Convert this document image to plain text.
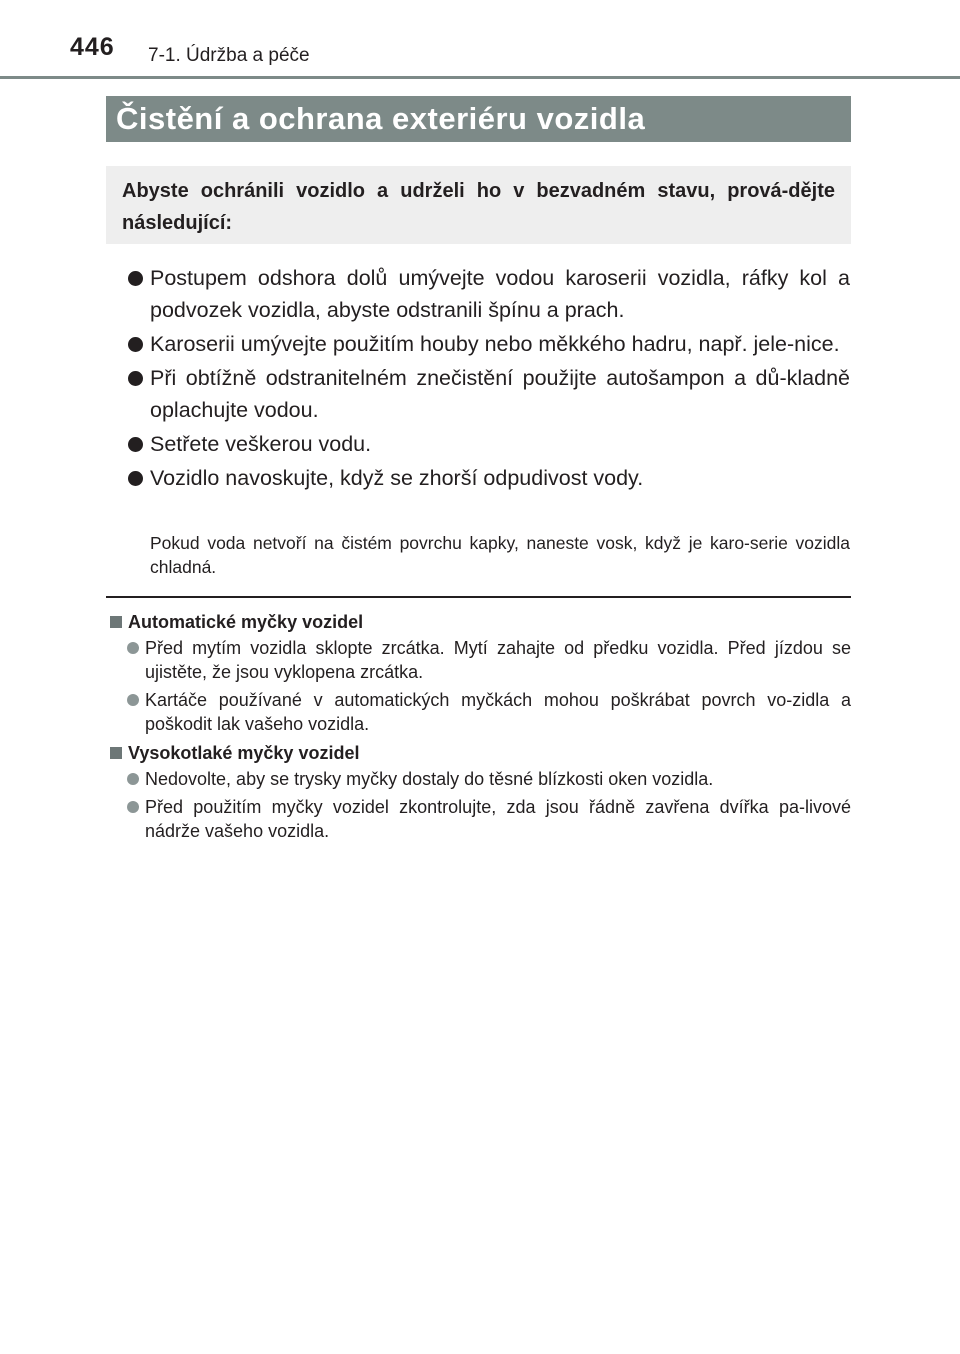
446 7-1. Údržba a péče
Čistění a ochrana exteriéru vozidla
Abyste ochránili vozidlo a udrželi ho v bezvadném stavu, prová-dějte následující:
Postupem odshora dolů umývejte vodou karoserii vozidla, ráfky kol a podvozek vozidla, abyste odstranili špínu a prach.
Karoserii umývejte použitím houby nebo měkkého hadru, např. jele-nice.
Při obtížně odstranitelném znečistění použijte autošampon a dů-kladně oplachujte vodou.
Setřete veškerou vodu.
Vozidlo navoskujte, když se zhorší odpudivost vody.
Pokud voda netvoří na čistém povrchu kapky, naneste vosk, když je karo-serie vozidla chladná.
Automatické myčky vozidel
Před mytím vozidla sklopte zrcátka. Mytí zahajte od předku vozidla. Před jízdou se ujistěte, že jsou vyklopena zrcátka.
Kartáče používané v automatických myčkách mohou poškrábat povrch vo-zidla a poškodit lak vašeho vozidla.
Vysokotlaké myčky vozidel
Nedovolte, aby se trysky myčky dostaly do těsné blízkosti oken vozidla.
Před použitím myčky vozidel zkontrolujte, zda jsou řádně zavřena dvířka pa-livové nádrže vašeho vozidla.
